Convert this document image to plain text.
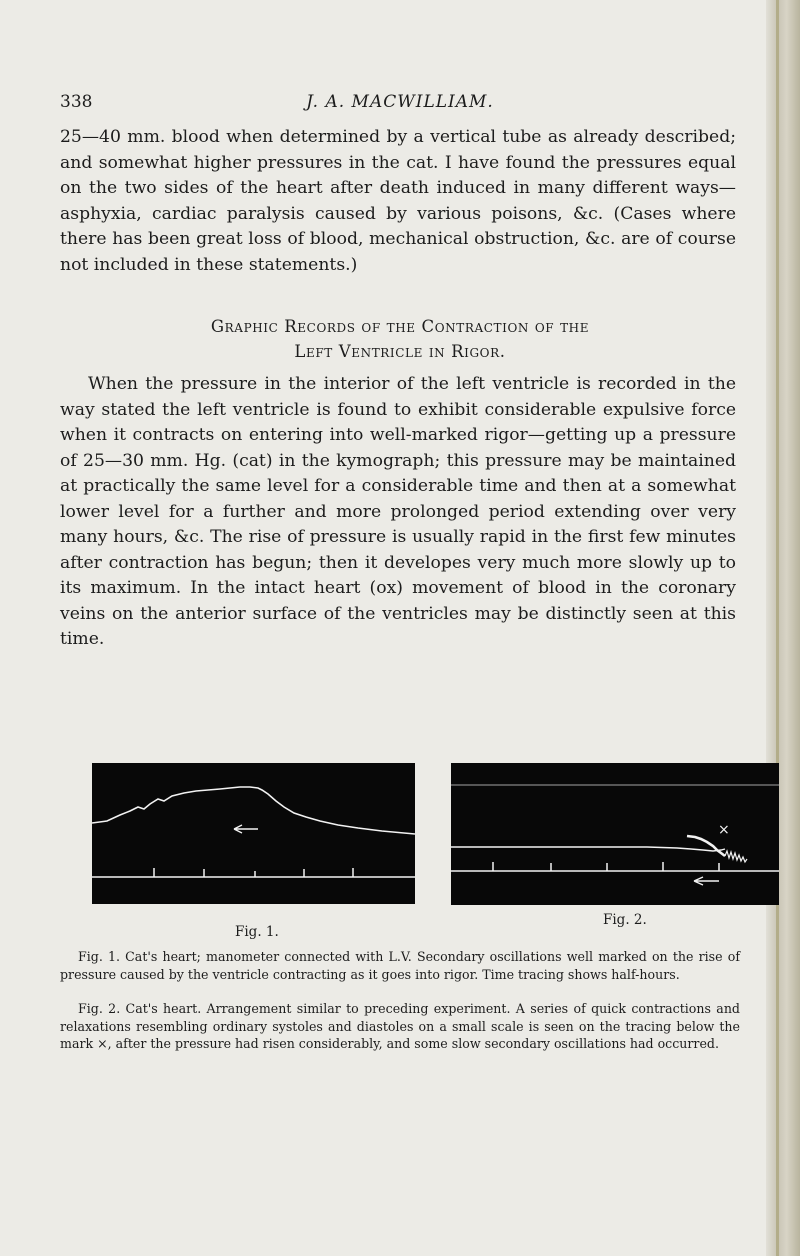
338	J. A. MACWILLIAM.

25—40 mm. blood when determined by a vertical tube as already described; and somewhat higher pressures in the cat. I have found the pressures equal on the two sides of the heart after death induced in many different ways—asphyxia, cardiac paralysis caused by various poisons, &c. (Cases where there has been great loss of blood, mechanical obstruction, &c. are of course not included in these statements.)

Graphic Records of the Contraction of the
Left Ventricle in Rigor.

When the pressure in the interior of the left ventricle is recorded in the way stated the left ventricle is found to exhibit considerable expulsive force when it contracts on entering into well-marked rigor—getting up a pressure of 25—30 mm. Hg. (cat) in the kymograph; this pressure may be maintained at practically the same level for a considerable time and then at a somewhat lower level for a further and more prolonged period extending over very many hours, &c. The rise of pressure is usually rapid in the first few minutes after contraction has begun; then it developes very much more slowly up to its maximum. In the intact heart (ox) movement of blood in the coronary veins on the anterior surface of the ventricles may be distinctly seen at this time.

Fig. 1.
×
Fig. 2.

Fig. 1. Cat's heart; manometer connected with L.V. Secondary oscillations well marked on the rise of pressure caused by the ventricle contracting as it goes into rigor. Time tracing shows half-hours.

Fig. 2. Cat's heart. Arrangement similar to preceding experiment. A series of quick contractions and relaxations resembling ordinary systoles and diastoles on a small scale is seen on the tracing below the mark ×, after the pressure had risen considerably, and some slow secondary oscillations had occurred.
